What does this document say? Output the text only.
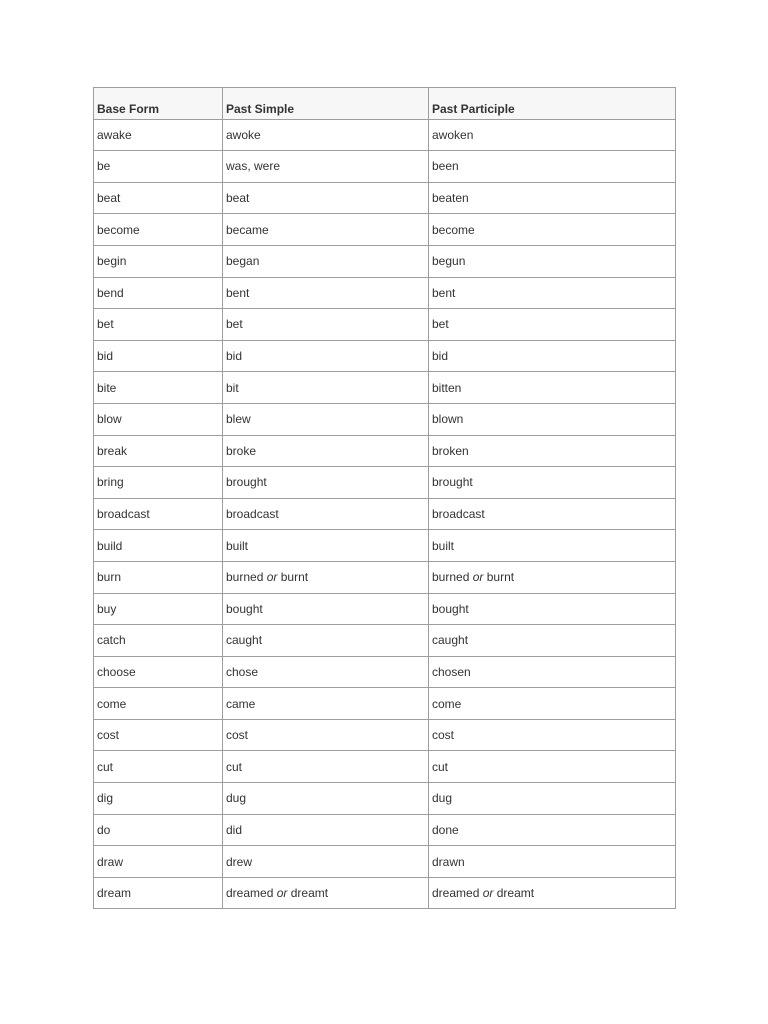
Base Form	Past Simple	Past Participle

awake	awoke	awoken

be	was, were	been

beat	beat	beaten

become	became	become

begin	began	begun

bend	bent	bent

bet	bet	bet

bid	bid	bid

bite	bit	bitten

blow	blew	blown

break	broke	broken

bring	brought	brought

broadcast	broadcast	broadcast

build	built	built

burn	burned or burnt	burned or burnt

buy	bought	bought

catch	caught	caught

choose	chose	chosen

come	came	come

cost	cost	cost

cut	cut	cut

dig	dug	dug

do	did	done

draw	drew	drawn

dream	dreamed or dreamt	dreamed or dreamt
